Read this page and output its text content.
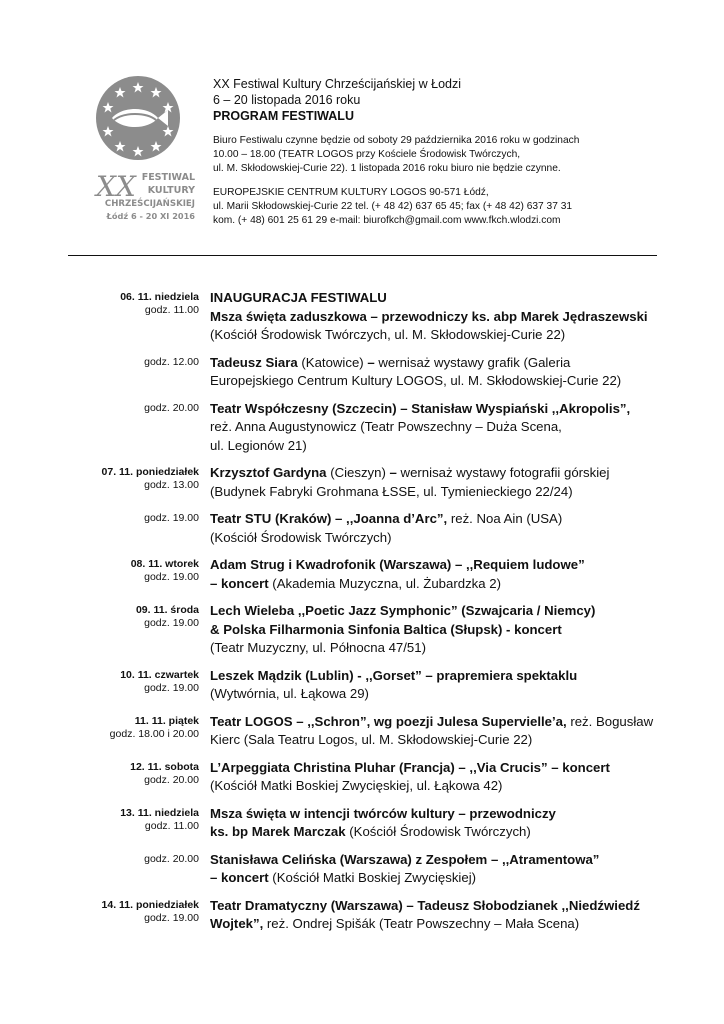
XX FESTIWAL
KULTURY
CHRZEŚCIJAŃSKIEJ
Łódź 6 - 20 XI 2016
XX Festiwal Kultury Chrześcijańskiej w Łodzi
6 – 20 listopada 2016 roku
PROGRAM FESTIWALU
Biuro Festiwalu czynne będzie od soboty 29 października 2016 roku w godzinach
10.00 – 18.00 (TEATR LOGOS przy Kościele Środowisk Twórczych,
ul. M. Skłodowskiej-Curie 22). 1 listopada 2016 roku biuro nie będzie czynne.
EUROPEJSKIE CENTRUM KULTURY LOGOS 90-571 Łódź,
ul. Marii Skłodowskiej-Curie 22 tel. (+ 48 42) 637 65 45; fax (+ 48 42) 637 37 31
kom. (+ 48) 601 25 61 29 e-mail: biurofkch@gmail.com www.fkch.wlodzi.com
06. 11. niedziela
godz. 11.00
INAUGURACJA FESTIWALU
Msza święta zaduszkowa – przewodniczy ks. abp Marek Jędraszewski
(Kościół Środowisk Twórczych, ul. M. Skłodowskiej-Curie 22)
godz. 12.00 Tadeusz Siara (Katowice) – wernisaż wystawy grafik (Galeria
Europejskiego Centrum Kultury LOGOS, ul. M. Skłodowskiej-Curie 22)
godz. 20.00 Teatr Współczesny (Szczecin) – Stanisław Wyspiański ,,Akropolis”,
reż. Anna Augustynowicz (Teatr Powszechny – Duża Scena,
ul. Legionów 21)
07. 11. poniedziałek
godz. 13.00
Krzysztof Gardyna (Cieszyn) – wernisaż wystawy fotografii górskiej
(Budynek Fabryki Grohmana ŁSSE, ul. Tymienieckiego 22/24)
godz. 19.00 Teatr STU (Kraków) – ,,Joanna d’Arc”, reż. Noa Ain (USA)
(Kościół Środowisk Twórczych)
08. 11. wtorek
godz. 19.00
Adam Strug i Kwadrofonik (Warszawa) – ,,Requiem ludowe”
– koncert (Akademia Muzyczna, ul. Żubardzka 2)
09. 11. środa
godz. 19.00
Lech Wieleba ,,Poetic Jazz Symphonic” (Szwajcaria / Niemcy)
& Polska Filharmonia Sinfonia Baltica (Słupsk) - koncert
(Teatr Muzyczny, ul. Północna 47/51)
10. 11. czwartek
godz. 19.00
Leszek Mądzik (Lublin) - ,,Gorset” – prapremiera spektaklu
(Wytwórnia, ul. Łąkowa 29)
11. 11. piątek
godz. 18.00 i 20.00
Teatr LOGOS – ,,Schron”, wg poezji Julesa Supervielle’a, reż. Bogusław
Kierc (Sala Teatru Logos, ul. M. Skłodowskiej-Curie 22)
12. 11. sobota
godz. 20.00
L’Arpeggiata Christina Pluhar (Francja) – ,,Via Crucis” – koncert
(Kościół Matki Boskiej Zwycięskiej, ul. Łąkowa 42)
13. 11. niedziela
godz. 11.00
Msza święta w intencji twórców kultury – przewodniczy
ks. bp Marek Marczak (Kościół Środowisk Twórczych)
godz. 20.00 Stanisława Celińska (Warszawa) z Zespołem – ,,Atramentowa”
– koncert (Kościół Matki Boskiej Zwycięskiej)
14. 11. poniedziałek
godz. 19.00
Teatr Dramatyczny (Warszawa) – Tadeusz Słobodzianek ,,Niedźwiedź
Wojtek”, reż. Ondrej Spišák (Teatr Powszechny – Mała Scena)
